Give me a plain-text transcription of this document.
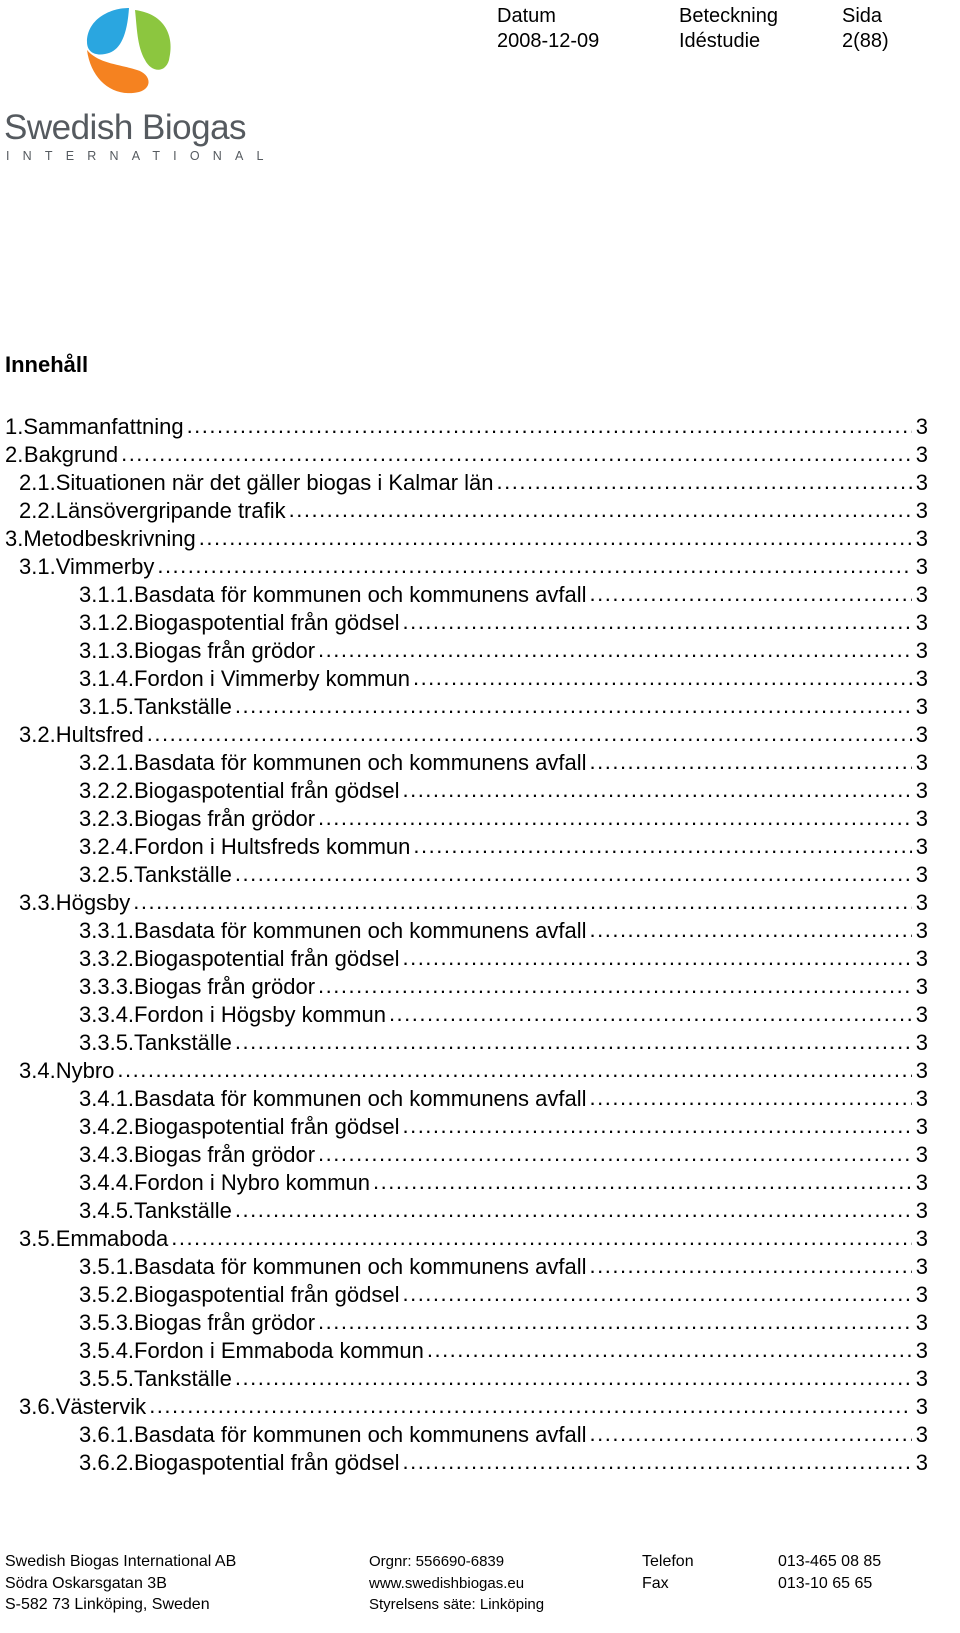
Swedish Biogas
INTERNATIONAL
Datum
2008-12-09
Beteckning
Idéstudie
Sida
2(88)
Innehåll
1. Sammanfattning .....	3
2. Bakgrund .....	3
2.1. Situationen när det gäller biogas i Kalmar län .....	3
2.2. Länsövergripande trafik .....	3
3. Metodbeskrivning .....	3
3.1. Vimmerby .....	3
3.1.1. Basdata för kommunen och kommunens avfall .....	3
3.1.2. Biogaspotential från gödsel .....	3
3.1.3. Biogas från grödor .....	3
3.1.4. Fordon i Vimmerby kommun .....	3
3.1.5. Tankställe .....	3
3.2. Hultsfred .....	3
3.2.1. Basdata för kommunen och kommunens avfall .....	3
3.2.2. Biogaspotential från gödsel .....	3
3.2.3. Biogas från grödor .....	3
3.2.4. Fordon i Hultsfreds kommun .....	3
3.2.5. Tankställe .....	3
3.3. Högsby .....	3
3.3.1. Basdata för kommunen och kommunens avfall .....	3
3.3.2. Biogaspotential från gödsel .....	3
3.3.3. Biogas från grödor .....	3
3.3.4. Fordon i Högsby kommun .....	3
3.3.5. Tankställe .....	3
3.4. Nybro .....	3
3.4.1. Basdata för kommunen och kommunens avfall .....	3
3.4.2. Biogaspotential från gödsel .....	3
3.4.3. Biogas från grödor .....	3
3.4.4. Fordon i Nybro kommun .....	3
3.4.5. Tankställe .....	3
3.5. Emmaboda .....	3
3.5.1. Basdata för kommunen och kommunens avfall .....	3
3.5.2. Biogaspotential från gödsel .....	3
3.5.3. Biogas från grödor .....	3
3.5.4. Fordon i Emmaboda kommun .....	3
3.5.5. Tankställe .....	3
3.6. Västervik .....	3
3.6.1. Basdata för kommunen och kommunens avfall .....	3
3.6.2. Biogaspotential från gödsel .....	3
Swedish Biogas International AB
Södra Oskarsgatan 3B
S-582 73 Linköping, Sweden
Orgnr: 556690-6839
www.swedishbiogas.eu
Styrelsens säte: Linköping
Telefon
Fax
013-465 08 85
013-10 65 65
